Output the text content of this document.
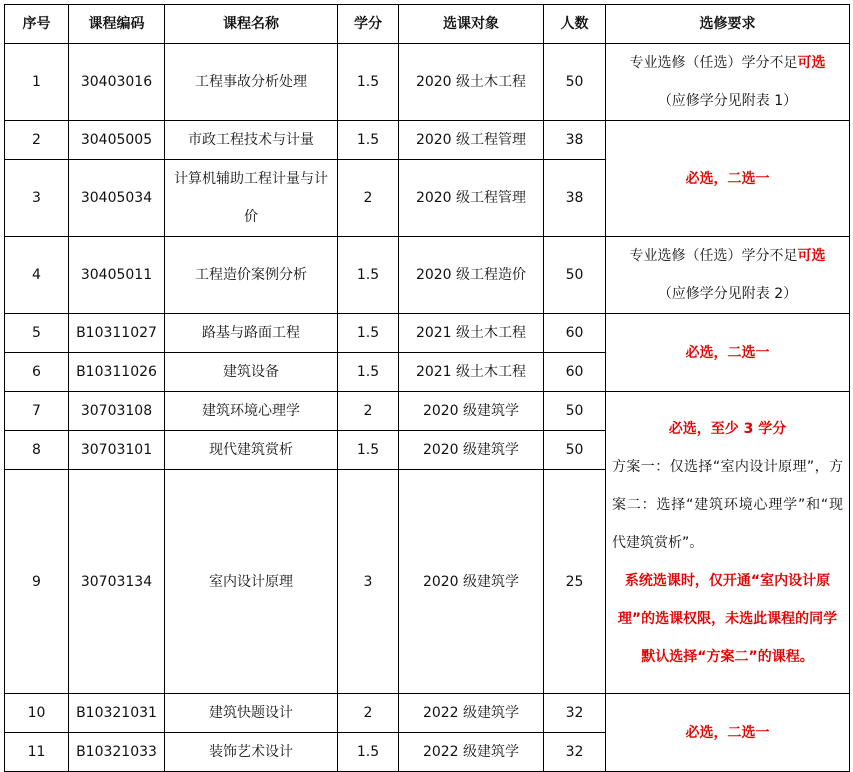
序号	课程编码	课程名称	学分	选课对象	人数	选修要求
1	30403016	工程事故分析处理	1.5	2020 级土木工程	50	专业选修（任选）学分不足可选
（应修学分见附表 1）
2	30405005	市政工程技术与计量	1.5	2020 级工程管理	38	必选，二选一
3	30405034	计算机辅助工程计量与计价	2	2020 级工程管理	38	
4	30405011	工程造价案例分析	1.5	2020 级工程造价	50	专业选修（任选）学分不足可选
（应修学分见附表 2）
5	B10311027	路基与路面工程	1.5	2021 级土木工程	60	必选，二选一
6	B10311026	建筑设备	1.5	2021 级土木工程	60	
7	30703108	建筑环境心理学	2	2020 级建筑学	50	必选，至少 3 学分
方案一：仅选择“室内设计原理”，方案二：选择“建筑环境心理学”和“现代建筑赏析”。
系统选课时，仅开通“室内设计原理”的选课权限，未选此课程的同学默认选择“方案二”的课程。

8	30703101	现代建筑赏析	1.5	2020 级建筑学	50	
9	30703134	室内设计原理	3	2020 级建筑学	25	
10	B10321031	建筑快题设计	2	2022 级建筑学	32	必选，二选一
11	B10321033	装饰艺术设计	1.5	2022 级建筑学	32	
